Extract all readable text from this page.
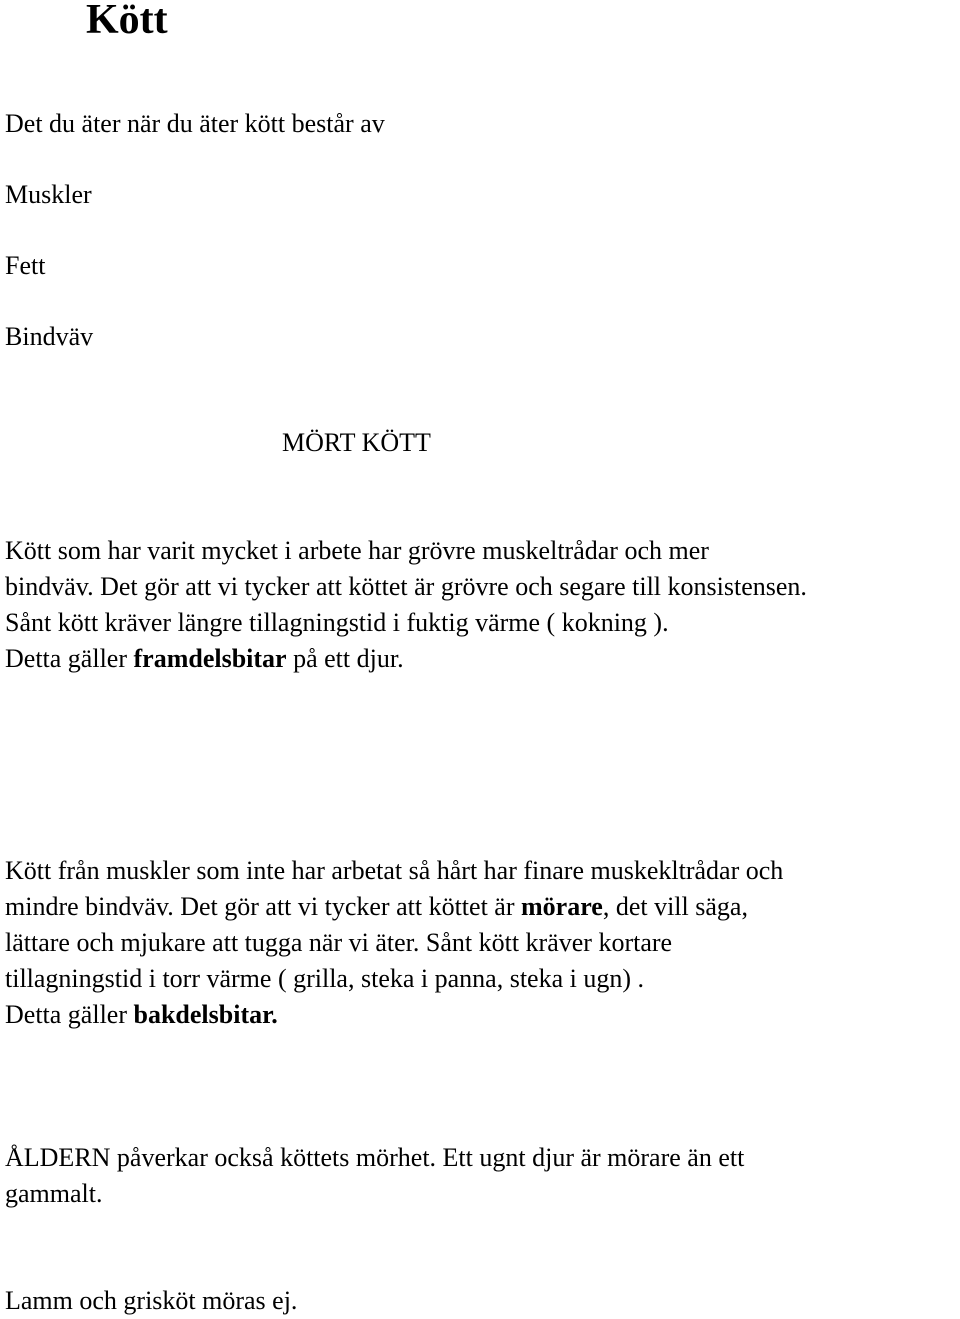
Kött

Det du äter när du äter kött består av

Muskler

Fett

Bindväv

MÖRT KÖTT

Kött som har varit mycket i arbete har grövre muskeltrådar och mer
bindväv. Det gör att vi tycker att köttet är grövre och segare till konsistensen.
Sånt kött kräver längre tillagningstid i fuktig värme ( kokning ).
Detta gäller framdelsbitar på ett djur.
Kött från muskler som inte har arbetat så hårt har finare muskekltrådar och
mindre bindväv. Det gör att vi tycker att köttet är mörare, det vill säga,
lättare och mjukare att tugga när vi äter. Sånt kött kräver kortare
tillagningstid i torr värme ( grilla, steka i panna, steka i ugn) .
Detta gäller bakdelsbitar.
ÅLDERN påverkar också köttets mörhet. Ett ugnt djur är mörare än ett
gammalt.

Lamm och grisköt möras ej.
